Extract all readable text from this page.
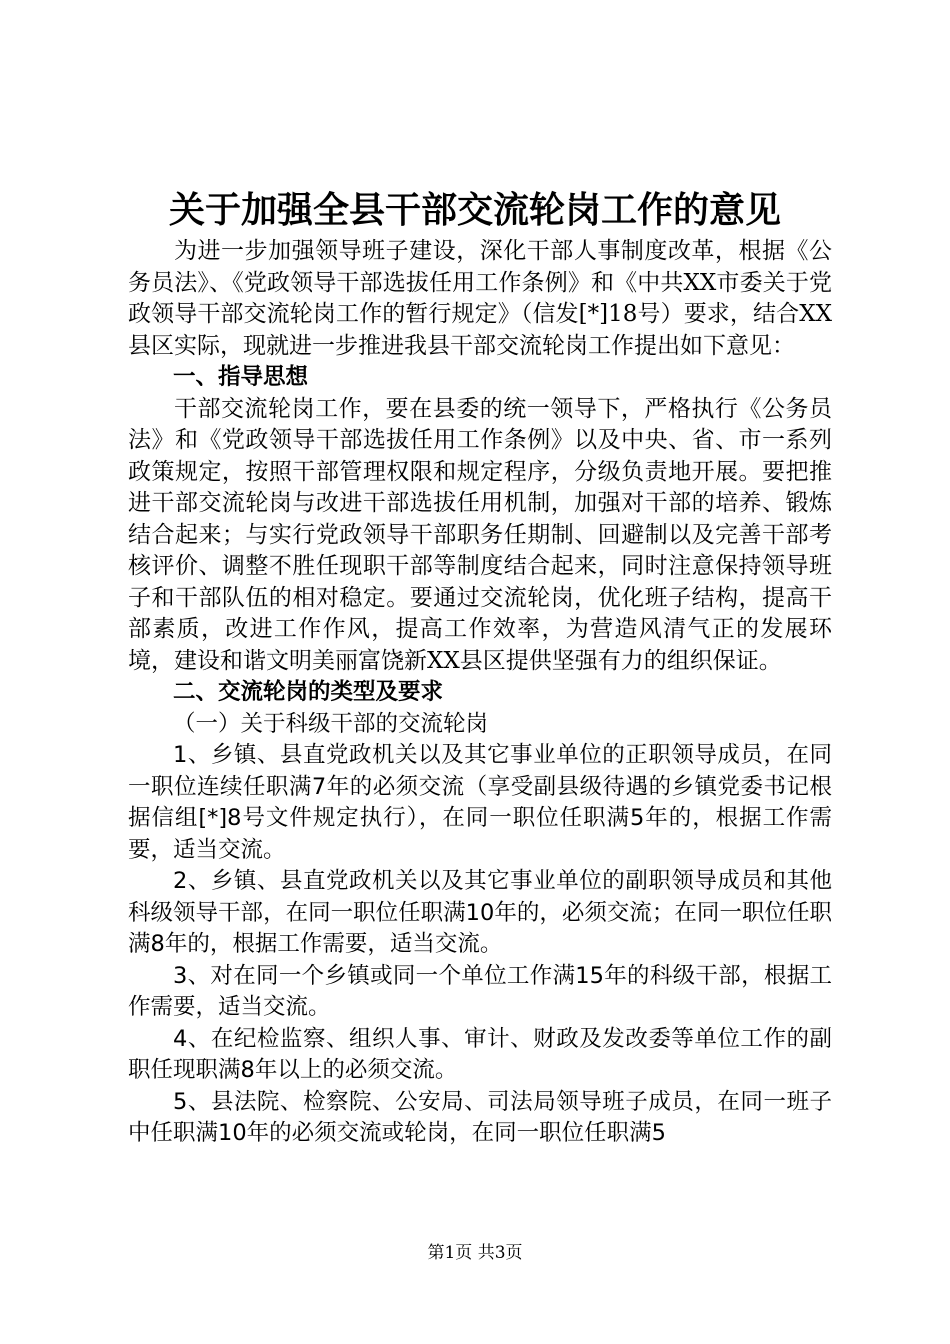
关于加强全县干部交流轮岗工作的意见

为进一步加强领导班子建设，深化干部人事制度改革，根据《公务员法》、《党政领导干部选拔任用工作条例》和《中共XX市委关于党政领导干部交流轮岗工作的暂行规定》（信发[*]18号）要求，结合XX县区实际，现就进一步推进我县干部交流轮岗工作提出如下意见：

一、指导思想

干部交流轮岗工作，要在县委的统一领导下，严格执行《公务员法》和《党政领导干部选拔任用工作条例》以及中央、省、市一系列政策规定，按照干部管理权限和规定程序，分级负责地开展。要把推进干部交流轮岗与改进干部选拔任用机制，加强对干部的培养、锻炼结合起来；与实行党政领导干部职务任期制、回避制以及完善干部考核评价、调整不胜任现职干部等制度结合起来，同时注意保持领导班子和干部队伍的相对稳定。要通过交流轮岗，优化班子结构，提高干部素质，改进工作作风，提高工作效率，为营造风清气正的发展环境，建设和谐文明美丽富饶新XX县区提供坚强有力的组织保证。

二、交流轮岗的类型及要求

（一）关于科级干部的交流轮岗

1、乡镇、县直党政机关以及其它事业单位的正职领导成员，在同一职位连续任职满7年的必须交流（享受副县级待遇的乡镇党委书记根据信组[*]8号文件规定执行），在同一职位任职满5年的，根据工作需要，适当交流。

2、乡镇、县直党政机关以及其它事业单位的副职领导成员和其他科级领导干部，在同一职位任职满10年的，必须交流；在同一职位任职满8年的，根据工作需要，适当交流。

3、对在同一个乡镇或同一个单位工作满15年的科级干部，根据工作需要，适当交流。

4、在纪检监察、组织人事、审计、财政及发改委等单位工作的副职任现职满8年以上的必须交流。

5、县法院、检察院、公安局、司法局领导班子成员，在同一班子中任职满10年的必须交流或轮岗，在同一职位任职满5

第1页 共3页
